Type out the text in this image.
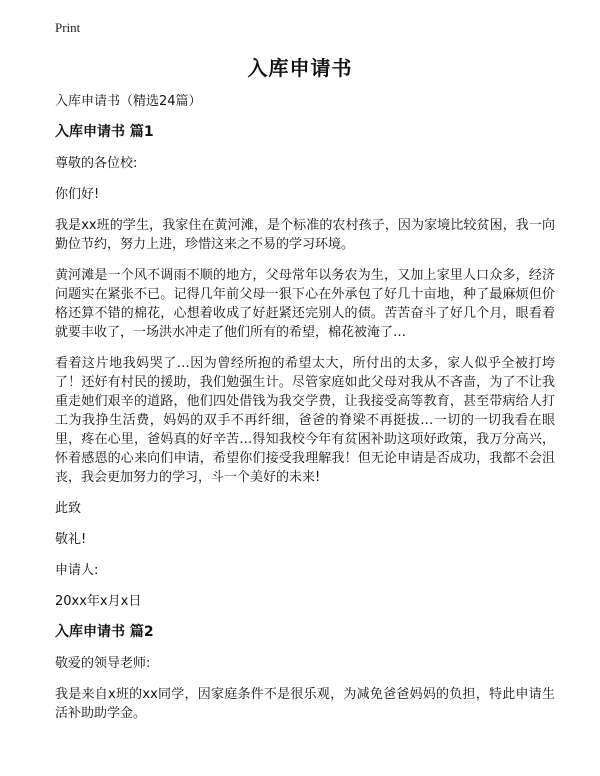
Print
入库申请书

入库申请书（精选24篇）

入库申请书 篇1

尊敬的各位校:

你们好!

我是xx班的学生，我家住在黄河滩，是个标准的农村孩子，因为家境比较贫困，我一向勤位节约，努力上进，珍惜这来之不易的学习环境。

黄河滩是一个风不调雨不顺的地方，父母常年以务农为生，又加上家里人口众多，经济问题实在紧张不已。记得几年前父母一狠下心在外承包了好几十亩地，种了最麻烦但价格还算不错的棉花，心想着收成了好赶紧还完别人的债。苦苦奋斗了好几个月，眼看着就要丰收了，一场洪水冲走了他们所有的希望，棉花被淹了…

看着这片地我妈哭了…因为曾经所抱的希望太大，所付出的太多，家人似乎全被打垮了！还好有村民的援助，我们勉强生计。尽管家庭如此父母对我从不吝啬，为了不让我重走她们艰辛的道路，他们四处借钱为我交学费，让我接受高等教育，甚至带病给人打工为我挣生活费，妈妈的双手不再纤细，爸爸的脊梁不再挺拔…一切的一切我看在眼里，疼在心里，爸妈真的好辛苦…得知我校今年有贫困补助这项好政策，我万分高兴，怀着感恩的心来向们申请，希望你们接受我理解我！但无论申请是否成功，我都不会沮丧，我会更加努力的学习，斗一个美好的未来!

此致

敬礼!

申请人:

20xx年x月x日

入库申请书 篇2

敬爱的领导老师:

我是来自x班的xx同学，因家庭条件不是很乐观，为减免爸爸妈妈的负担，特此申请生活补助助学金。
